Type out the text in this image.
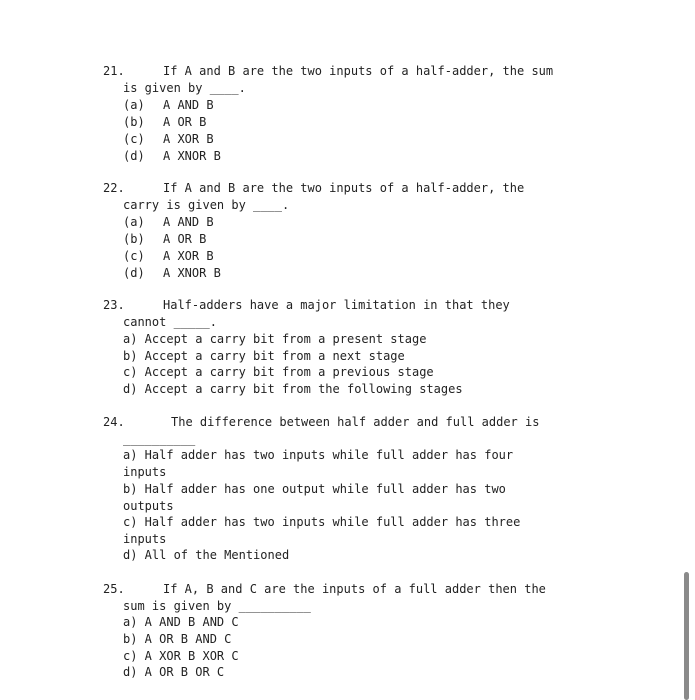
21.	If A and B are the two inputs of a half-adder, the sum
is given by ____.
(a) A AND B
(b) A OR B
(c) A XOR B
(d) A XNOR B
22.	If A and B are the two inputs of a half-adder, the
carry is given by ____.
(a) A AND B
(b) A OR B
(c) A XOR B
(d) A XNOR B
23.	Half-adders have a major limitation in that they
cannot _____.
a) Accept a carry bit from a present stage
b) Accept a carry bit from a next stage
c) Accept a carry bit from a previous stage
d) Accept a carry bit from the following stages
24.	The difference between half adder and full adder is
__________
a) Half adder has two inputs while full adder has four
inputs
b) Half adder has one output while full adder has two
outputs
c) Half adder has two inputs while full adder has three
inputs
d) All of the Mentioned
25.	If A, B and C are the inputs of a full adder then the
sum is given by __________
a) A AND B AND C
b) A OR B AND C
c) A XOR B XOR C
d) A OR B OR C
